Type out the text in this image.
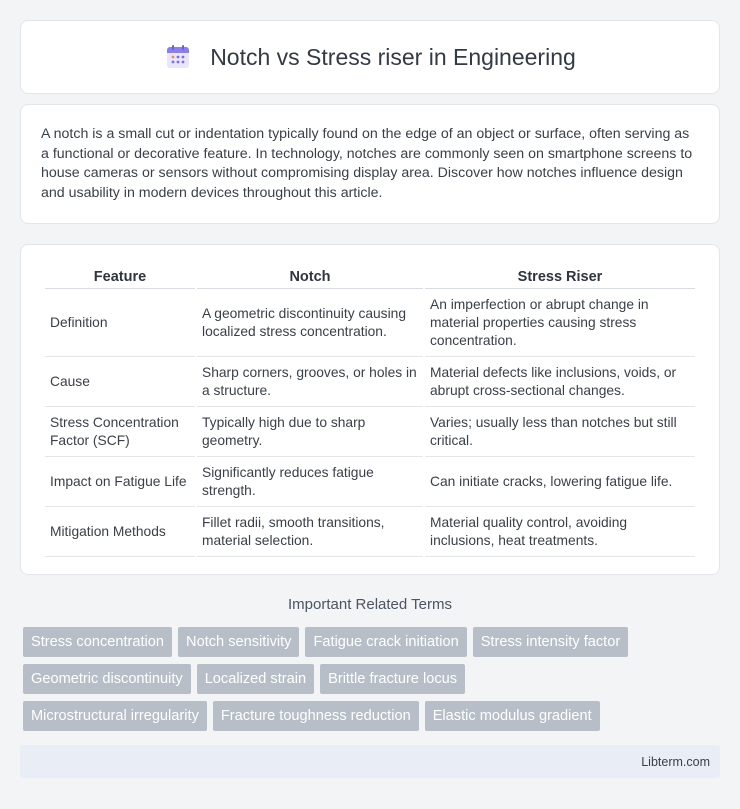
Notch vs Stress riser in Engineering

A notch is a small cut or indentation typically found on the edge of an object or surface, often serving as a functional or decorative feature. In technology, notches are commonly seen on smartphone screens to house cameras or sensors without compromising display area. Discover how notches influence design and usability in modern devices throughout this article.

Feature	Notch	Stress Riser
Definition	A geometric discontinuity causing localized stress concentration.	An imperfection or abrupt change in material properties causing stress concentration.
Cause	Sharp corners, grooves, or holes in a structure.	Material defects like inclusions, voids, or abrupt cross-sectional changes.
Stress Concentration Factor (SCF)	Typically high due to sharp geometry.	Varies; usually less than notches but still critical.
Impact on Fatigue Life	Significantly reduces fatigue strength.	Can initiate cracks, lowering fatigue life.
Mitigation Methods	Fillet radii, smooth transitions, material selection.	Material quality control, avoiding inclusions, heat treatments.
Important Related Terms
Stress concentration	Notch sensitivity	Fatigue crack initiation	Stress intensity factor
Geometric discontinuity	Localized strain	Brittle fracture locus
Microstructural irregularity	Fracture toughness reduction	Elastic modulus gradient
Libterm.com
